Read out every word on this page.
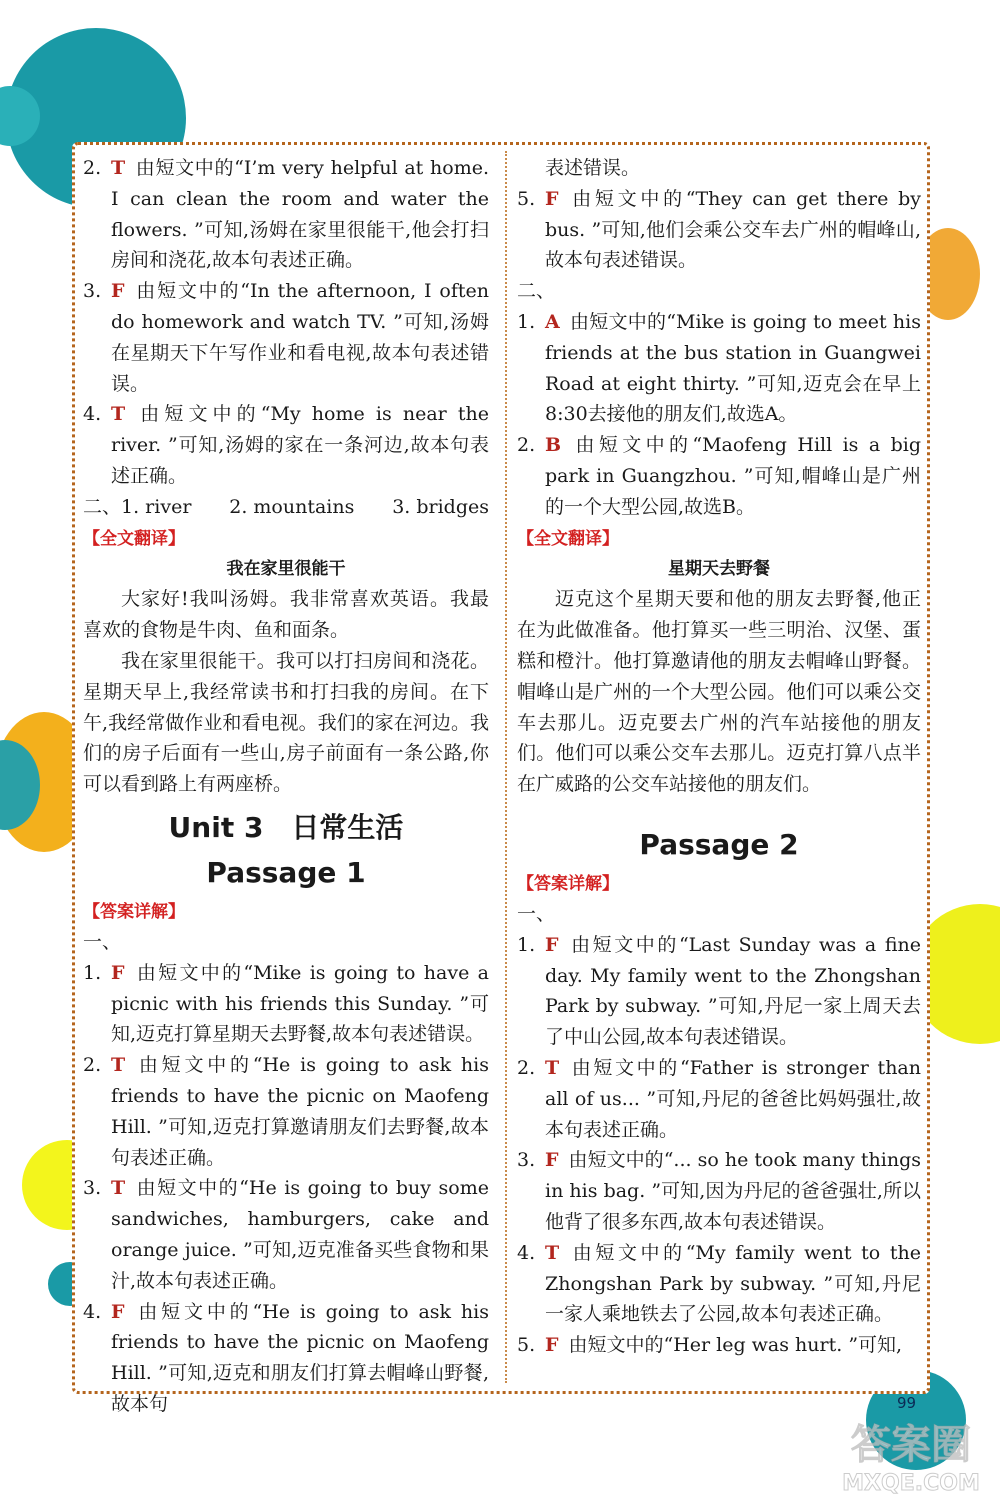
2. T 由短文中的“I’m very helpful at home. I can clean the room and water the flowers. ”可知,汤姆在家里很能干,他会打扫房间和浇花,故本句表述正确。
3. F 由短文中的“In the afternoon, I often do homework and watch TV. ”可知,汤姆在星期天下午写作业和看电视,故本句表述错误。
4. T 由短文中的“My home is near the river. ”可知,汤姆的家在一条河边,故本句表述正确。
二、1. river 2. mountains 3. bridges
【全文翻译】
我在家里很能干
大家好!我叫汤姆。我非常喜欢英语。我最喜欢的食物是牛肉、鱼和面条。
我在家里很能干。我可以打扫房间和浇花。星期天早上,我经常读书和打扫我的房间。在下午,我经常做作业和看电视。我们的家在河边。我们的房子后面有一些山,房子前面有一条公路,你可以看到路上有两座桥。
Unit 3　日常生活
Passage 1
【答案详解】
一、
1. F 由短文中的“Mike is going to have a picnic with his friends this Sunday. ”可知,迈克打算星期天去野餐,故本句表述错误。
2. T 由短文中的“He is going to ask his friends to have the picnic on Maofeng Hill. ”可知,迈克打算邀请朋友们去野餐,故本句表述正确。
3. T 由短文中的“He is going to buy some sandwiches, hamburgers, cake and orange juice. ”可知,迈克准备买些食物和果汁,故本句表述正确。
4. F 由短文中的“He is going to ask his friends to have the picnic on Maofeng Hill. ”可知,迈克和朋友们打算去帽峰山野餐,故本句
表述错误。
5. F 由短文中的“They can get there by bus. ”可知,他们会乘公交车去广州的帽峰山,故本句表述错误。
二、
1. A 由短文中的“Mike is going to meet his friends at the bus station in Guangwei Road at eight thirty. ”可知,迈克会在早上8:30去接他的朋友们,故选A。
2. B 由短文中的“Maofeng Hill is a big park in Guangzhou. ”可知,帽峰山是广州的一个大型公园,故选B。
【全文翻译】
星期天去野餐
迈克这个星期天要和他的朋友去野餐,他正在为此做准备。他打算买一些三明治、汉堡、蛋糕和橙汁。他打算邀请他的朋友去帽峰山野餐。帽峰山是广州的一个大型公园。他们可以乘公交车去那儿。迈克要去广州的汽车站接他的朋友们。他们可以乘公交车去那儿。迈克打算八点半在广威路的公交车站接他的朋友们。
Passage 2
【答案详解】
一、
1. F 由短文中的“Last Sunday was a fine day. My family went to the Zhongshan Park by subway. ”可知,丹尼一家上周天去了中山公园,故本句表述错误。
2. T 由短文中的“Father is stronger than all of us... ”可知,丹尼的爸爸比妈妈强壮,故本句表述正确。
3. F 由短文中的“... so he took many things in his bag. ”可知,因为丹尼的爸爸强壮,所以他背了很多东西,故本句表述错误。
4. T 由短文中的“My family went to the Zhongshan Park by subway. ”可知,丹尼一家人乘地铁去了公园,故本句表述正确。
5. F 由短文中的“Her leg was hurt. ”可知,
99
答案圈
MXQE.COM
